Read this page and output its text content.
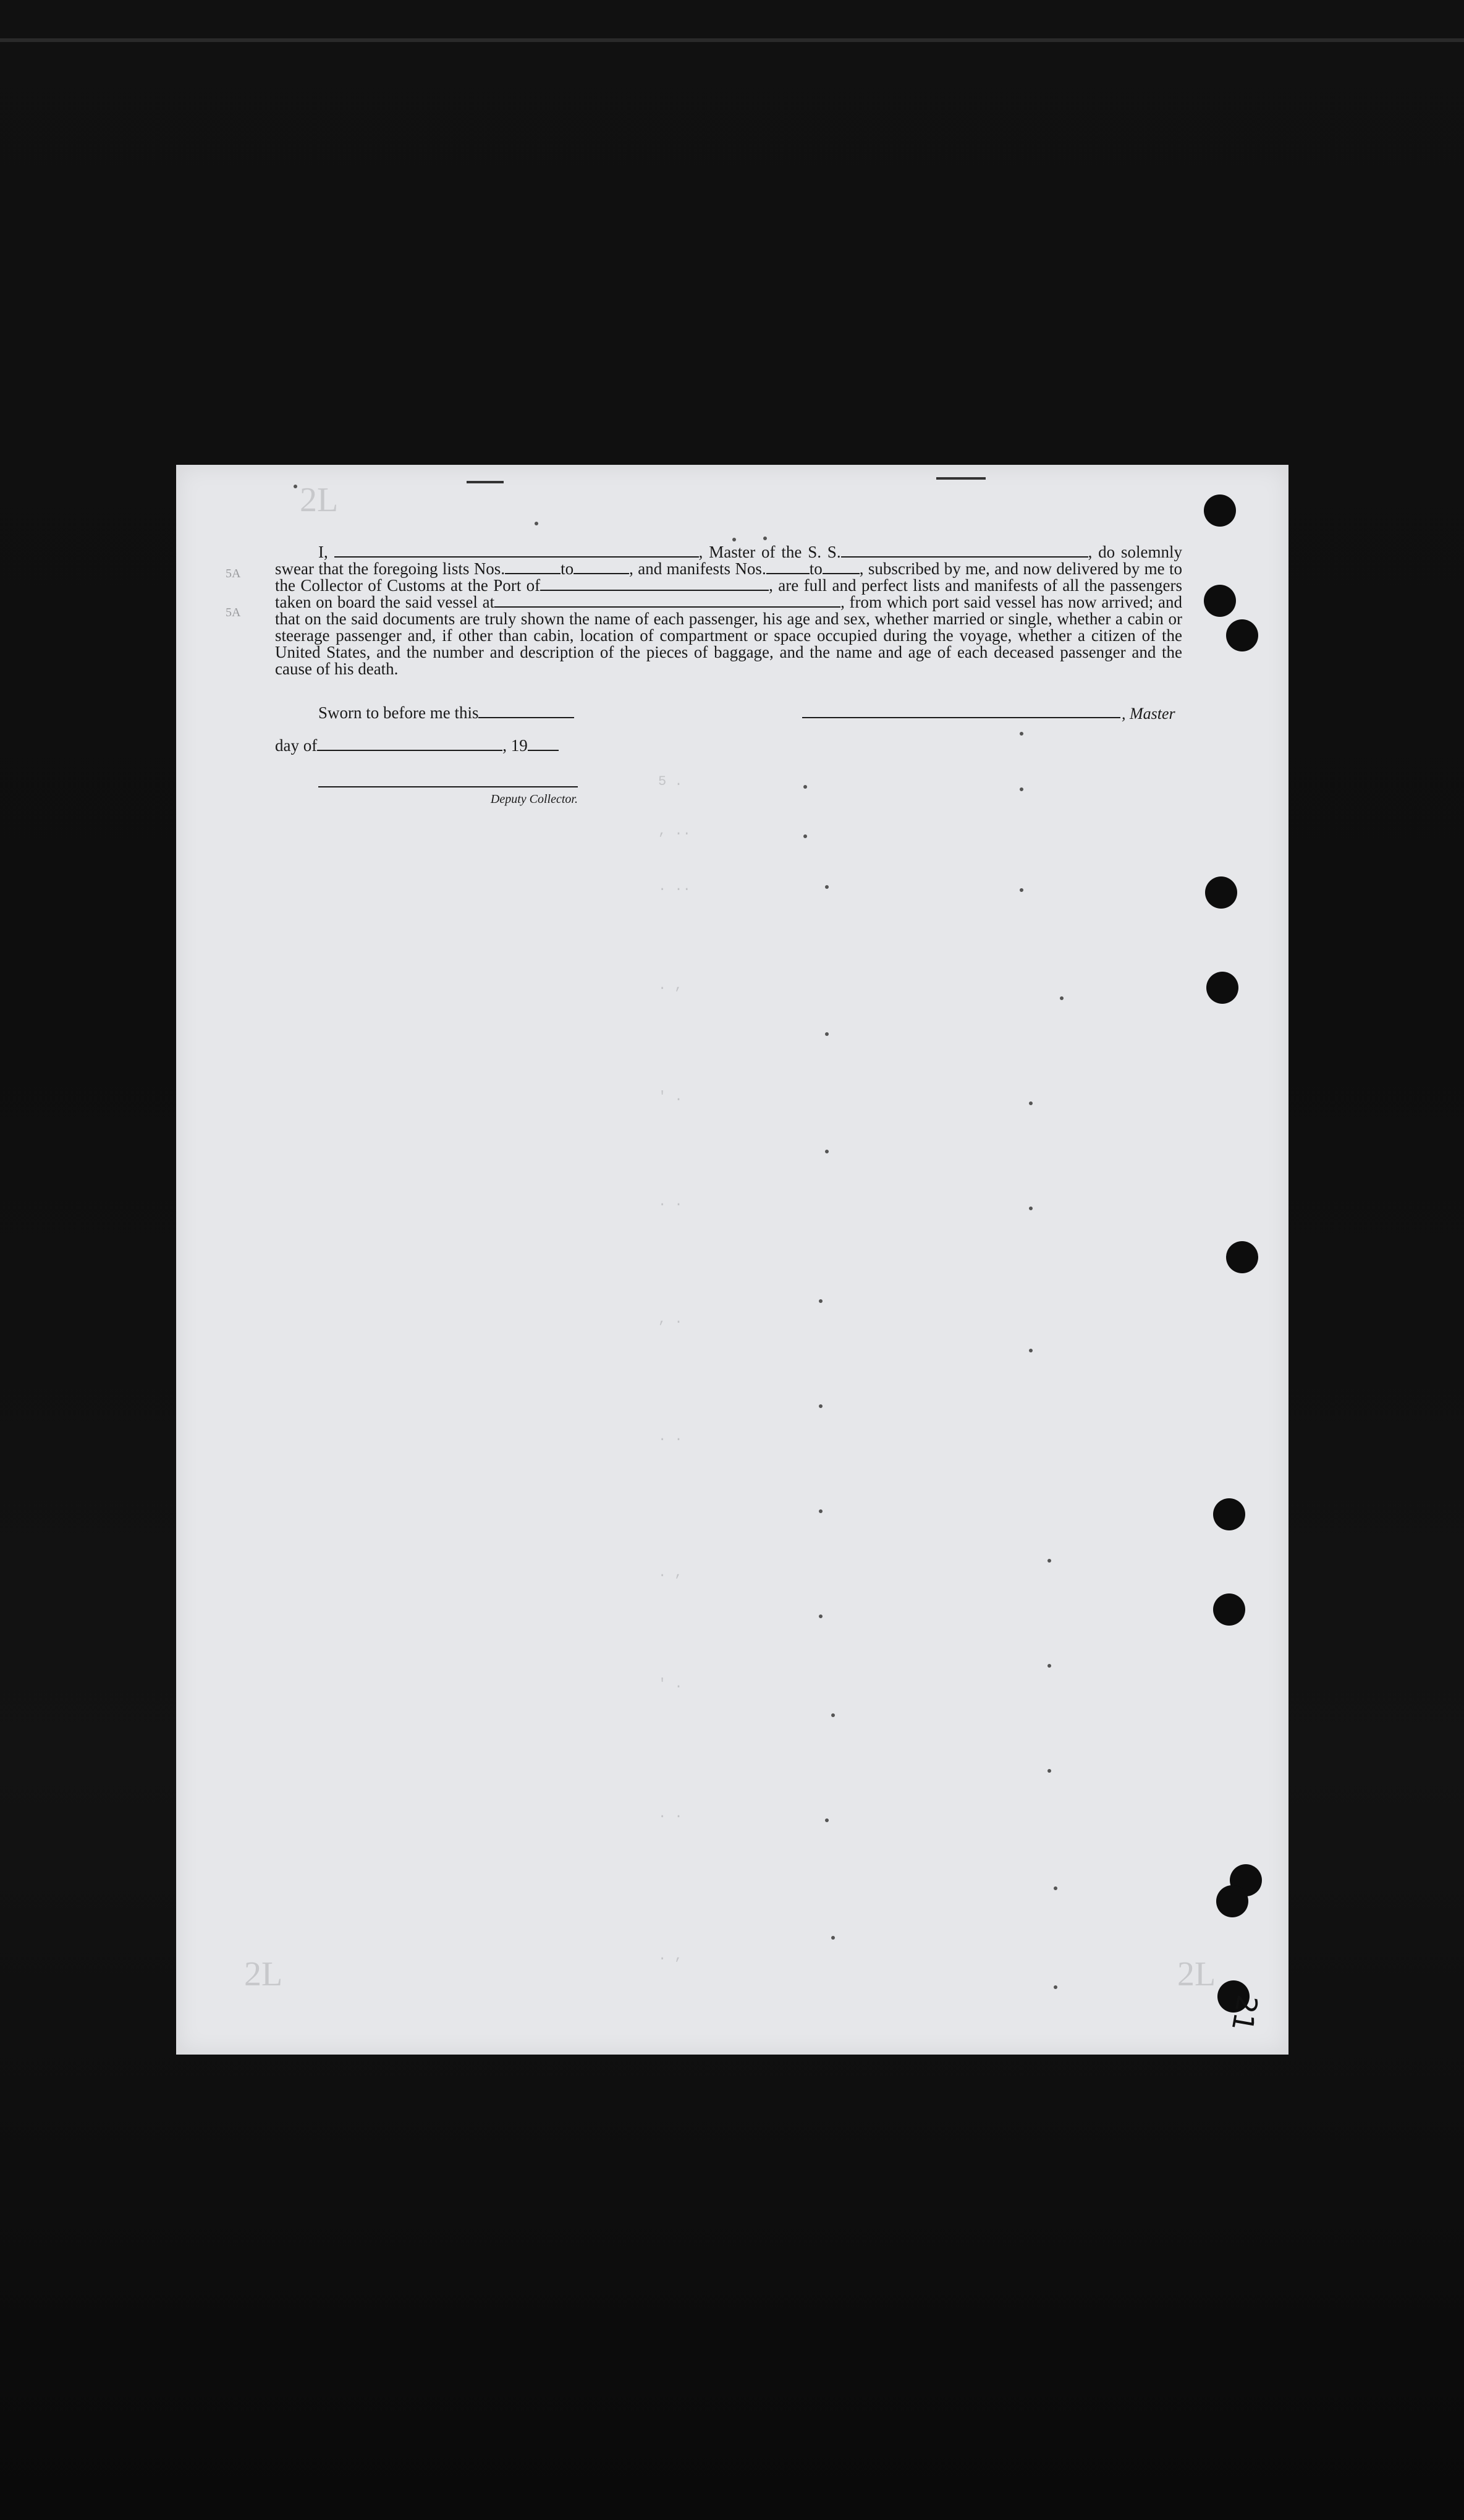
2L
2L	2L
5A
5A
I,	, Master of the S. S.	, do solemnly swear that the foregoing lists Nos.	to	, and manifests Nos.	to , subscribed by me, and now delivered by me to the Collector of Customs at the Port of	, are full and perfect lists and manifests of all the passengers taken on board the said vessel at	, from which port said vessel has now arrived; and that on the said documents are truly shown the name of each passenger, his age and sex, whether married or single, whether a cabin or steerage passenger and, if other than cabin, location of compartment or space occupied during the voyage, whether a citizen of the United States, and the number and description of the pieces of baggage, and the name and age of each deceased passenger and the cause of his death.
Sworn to before me this
day of	, 19
Deputy Collector.
, Master
5 .
, ..
. ..
. ,
' .
. .
, .
. .
. ,
' .
. .
. ,
21
